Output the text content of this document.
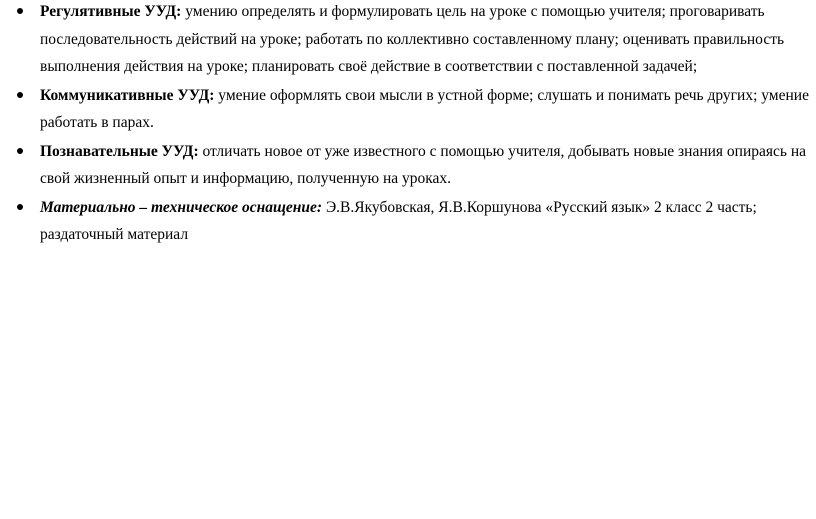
Регулятивные УУД: умению определять и формулировать цель на уроке с помощью учителя; проговаривать последовательность действий на уроке; работать по коллективно составленному плану; оценивать правильность выполнения действия на уроке; планировать своё действие в соответствии с поставленной задачей;
Коммуникативные УУД: умение оформлять свои мысли в устной форме; слушать и понимать речь других; умение работать в парах.
Познавательные УУД: отличать новое от уже известного с помощью учителя, добывать новые знания опираясь на свой жизненный опыт и информацию, полученную на уроках.
Материально – техническое оснащение: Э.В.Якубовская, Я.В.Коршунова «Русский язык» 2 класс 2 часть; раздаточный материал
